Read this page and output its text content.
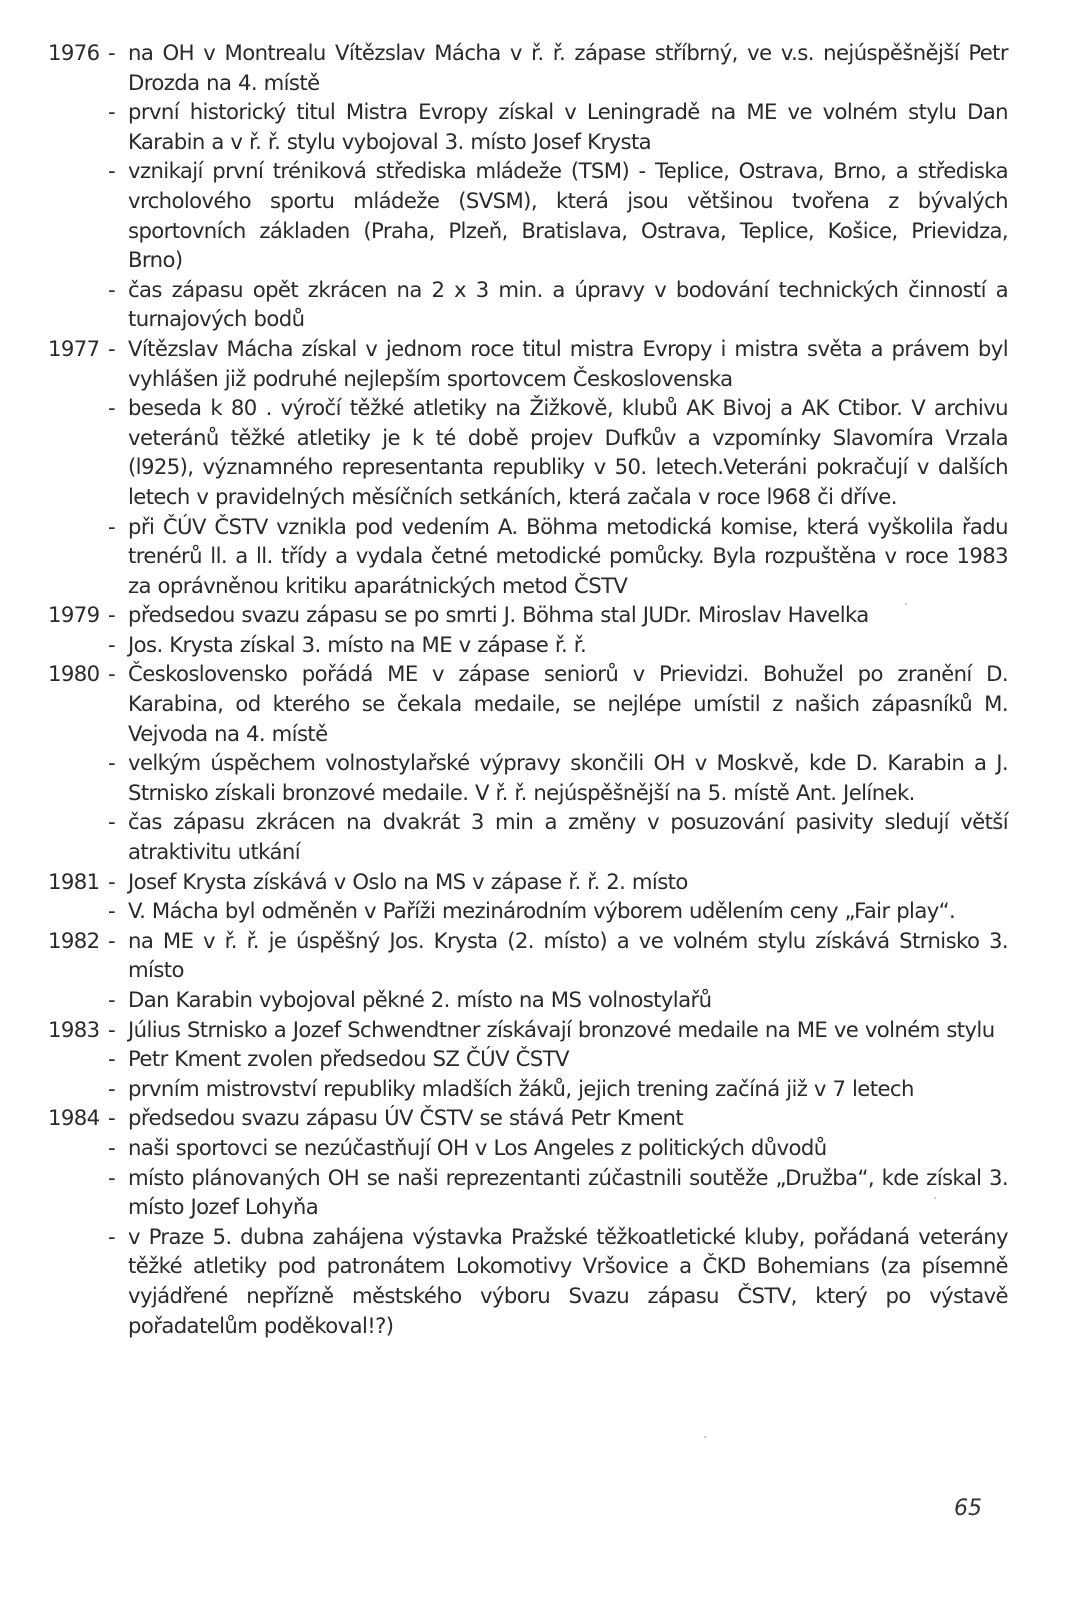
1976 - na OH v Montrealu Vítězslav Mácha v ř. ř. zápase stříbrný, ve v.s. nejúspěšnější Petr Drozda na 4. místě
- první historický titul Mistra Evropy získal v Leningradě na ME ve volném stylu Dan Karabin a v ř. ř. stylu vybojoval 3. místo Josef Krysta
- vznikají první tréniková střediska mládeže (TSM) - Teplice, Ostrava, Brno, a střediska vrcholového sportu mládeže (SVSM), která jsou většinou tvořena z bývalých sportovních základen (Praha, Plzeň, Bratislava, Ostrava, Teplice, Košice, Prievidza, Brno)
- čas zápasu opět zkrácen na 2 x 3 min. a úpravy v bodování technických činností a turnajových bodů
1977 - Vítězslav Mácha získal v jednom roce titul mistra Evropy i mistra světa a právem byl vyhlášen již podruhé nejlepším sportovcem Československa
- beseda k 80 . výročí těžké atletiky na Žižkově, klubů AK Bivoj a AK Ctibor. V archivu veteránů těžké atletiky je k té době projev Dufkův a vzpomínky Slavomíra Vrzala (l925), významného representanta republiky v 50. letech.Veteráni pokračují v dalších letech v pravidelných měsíčních setkáních, která začala v roce l968 či dříve.
- při ČÚV ČSTV vznikla pod vedením A. Böhma metodická komise, která vyškolila řadu trenérů ll. a ll. třídy a vydala četné metodické pomůcky. Byla rozpuštěna v roce 1983 za oprávněnou kritiku aparátnických metod ČSTV
1979 - předsedou svazu zápasu se po smrti J. Böhma stal JUDr. Miroslav Havelka
- Jos. Krysta získal 3. místo na ME v zápase ř. ř.
1980 - Československo pořádá ME v zápase seniorů v Prievidzi. Bohužel po zranění D. Karabina, od kterého se čekala medaile, se nejlépe umístil z našich zápasníků M. Vejvoda na 4. místě
- velkým úspěchem volnostylařské výpravy skončili OH v Moskvě, kde D. Karabin a J. Strnisko získali bronzové medaile. V ř. ř. nejúspěšnější na 5. místě Ant. Jelínek.
- čas zápasu zkrácen na dvakrát 3 min a změny v posuzování pasivity sledují větší atraktivitu utkání
1981 - Josef Krysta získává v Oslo na MS v zápase ř. ř. 2. místo
- V. Mácha byl odměněn v Paříži mezinárodním výborem udělením ceny „Fair play“.
1982 - na ME v ř. ř. je úspěšný Jos. Krysta (2. místo) a ve volném stylu získává Strnisko 3. místo
- Dan Karabin vybojoval pěkné 2. místo na MS volnostylařů
1983 - Július Strnisko a Jozef Schwendtner získávají bronzové medaile na ME ve volném stylu
- Petr Kment zvolen předsedou SZ ČÚV ČSTV
- prvním mistrovství republiky mladších žáků, jejich trening začíná již v 7 letech
1984 - předsedou svazu zápasu ÚV ČSTV se stává Petr Kment
- naši sportovci se nezúčastňují OH v Los Angeles z politických důvodů
- místo plánovaných OH se naši reprezentanti zúčastnili soutěže „Družba“, kde získal 3. místo Jozef Lohyňa
- v Praze 5. dubna zahájena výstavka Pražské těžkoatletické kluby, pořádaná veterány těžké atletiky pod patronátem Lokomotivy Vršovice a ČKD Bohemians (za písemně vyjádřené nepřízně městského výboru Svazu zápasu ČSTV, který po výstavě pořadatelům poděkoval!?)
65
